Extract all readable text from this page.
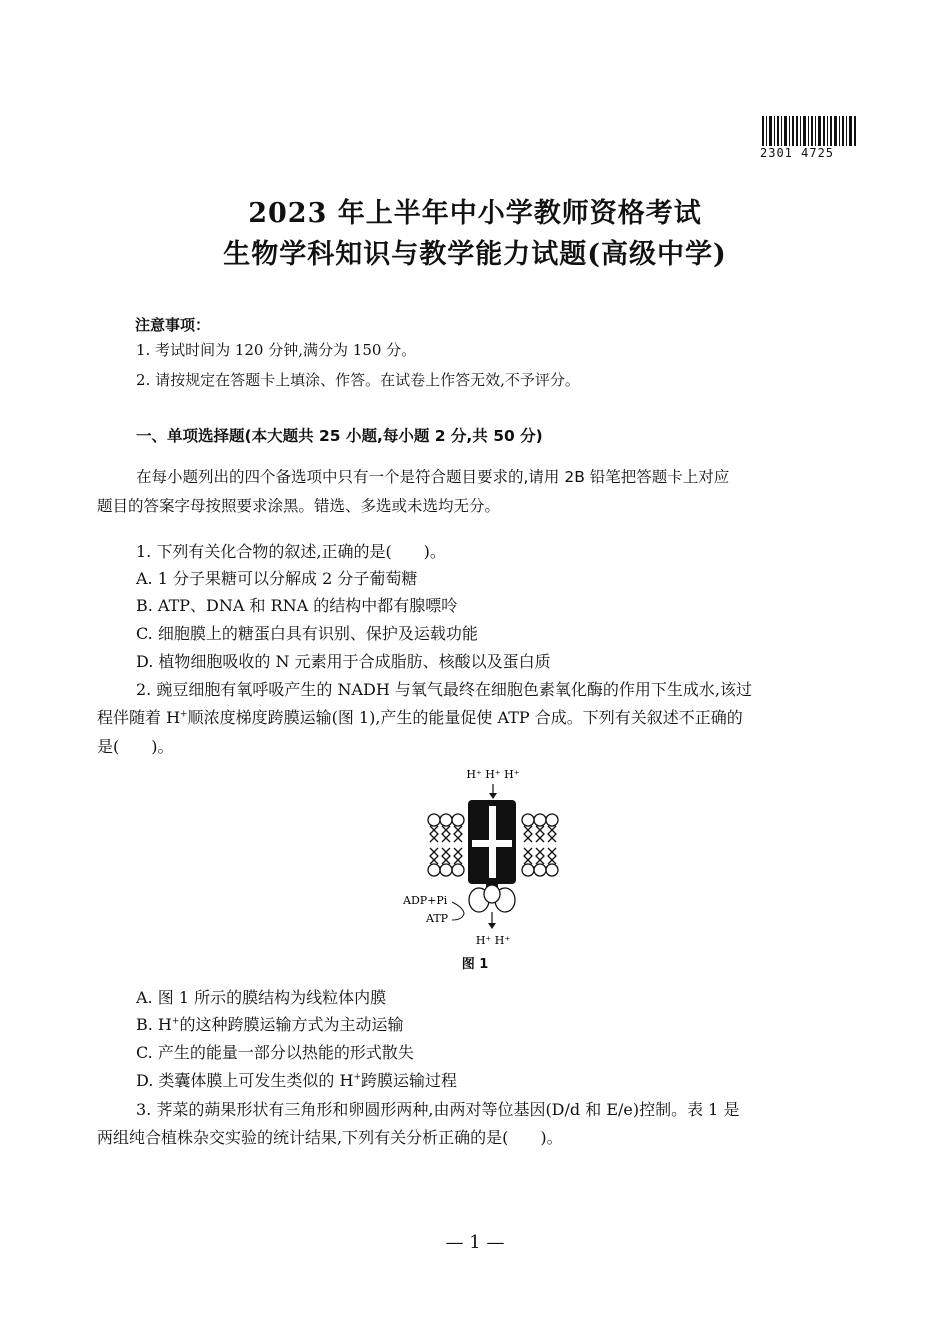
2301 4725
2023 年上半年中小学教师资格考试
生物学科知识与教学能力试题(高级中学)
注意事项：
1. 考试时间为 120 分钟,满分为 150 分。
2. 请按规定在答题卡上填涂、作答。在试卷上作答无效,不予评分。
一、单项选择题(本大题共 25 小题,每小题 2 分,共 50 分)
在每小题列出的四个备选项中只有一个是符合题目要求的,请用 2B 铅笔把答题卡上对应
题目的答案字母按照要求涂黑。错选、多选或未选均无分。
1. 下列有关化合物的叙述,正确的是(　　)。
A. 1 分子果糖可以分解成 2 分子葡萄糖
B. ATP、DNA 和 RNA 的结构中都有腺嘌呤
C. 细胞膜上的糖蛋白具有识别、保护及运载功能
D. 植物细胞吸收的 N 元素用于合成脂肪、核酸以及蛋白质
2. 豌豆细胞有氧呼吸产生的 NADH 与氧气最终在细胞色素氧化酶的作用下生成水,该过
程伴随着 H+顺浓度梯度跨膜运输(图 1),产生的能量促使 ATP 合成。下列有关叙述不正确的
是(　　)。
H⁺ H⁺ H⁺
ADP+Pi
ATP
H⁺ H⁺
图 1
A. 图 1 所示的膜结构为线粒体内膜
B. H+的这种跨膜运输方式为主动运输
C. 产生的能量一部分以热能的形式散失
D. 类囊体膜上可发生类似的 H+跨膜运输过程
3. 荠菜的蒴果形状有三角形和卵圆形两种,由两对等位基因(D/d 和 E/e)控制。表 1 是
两组纯合植株杂交实验的统计结果,下列有关分析正确的是(　　)。
— 1 —
